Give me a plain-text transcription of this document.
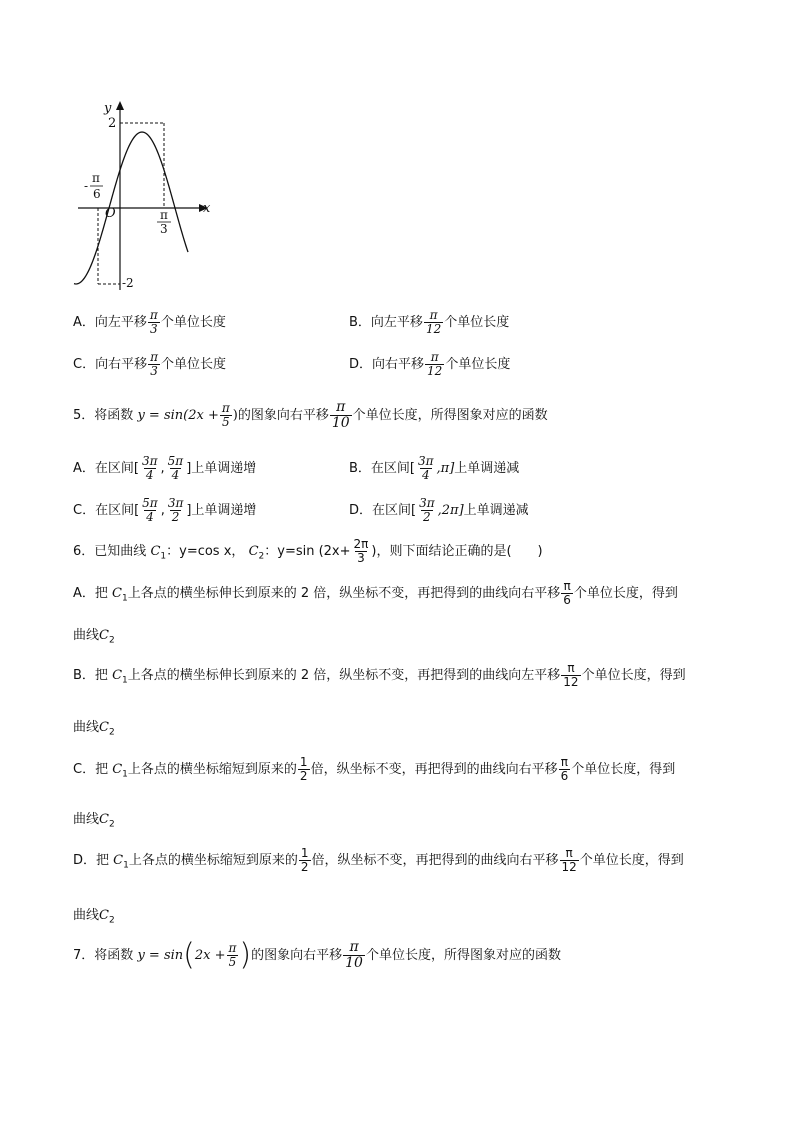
y
x
O
2
-2
-
π
6
π
3
A．向左平移 $\frac{\pi}{3}$ 个单位长度	B．向左平移 $\frac{\pi}{12}$ 个单位长度
C．向右平移 $\frac{\pi}{3}$ 个单位长度	D．向右平移 $\frac{\pi}{12}$ 个单位长度
5．将函数 $y = \sin(2x + \frac{\pi}{5}$ )的图象向右平移 $\frac{\pi}{10}$ 个单位长度，所得图象对应的函数
A．在区间[ $\frac{3\pi}{4}$ , $\frac{5\pi}{4}$ ]上单调递增	B．在区间[ $\frac{3\pi}{4} ,\pi$]上单调递减
C．在区间[ $\frac{5\pi}{4}$ , $\frac{3\pi}{2}$ ]上单调递增	D．在区间[ $\frac{3\pi}{2} ,2\pi$]上单调递减
6．已知曲线 $C_1$：y=cos x， $C_2$：y=sin ($2x+ \frac{2\pi}{3}$ )，则下面结论正确的是(　　)
A．把 $C_1$上各点的横坐标伸长到原来的 2 倍，纵坐标不变，再把得到的曲线向右平移 $\frac{\pi}{6}$ 个单位长度，得到
曲线$C_2$
B．把 $C_1$上各点的横坐标伸长到原来的 2 倍，纵坐标不变，再把得到的曲线向左平移 $\frac{\pi}{12}$ 个单位长度，得到
曲线$C_2$
C．把 $C_1$上各点的横坐标缩短到原来的 $\frac{1}{2}$ 倍，纵坐标不变，再把得到的曲线向右平移 $\frac{\pi}{6}$ 个单位长度，得到
曲线$C_2$
D．把 $C_1$上各点的横坐标缩短到原来的 $\frac{1}{2}$ 倍，纵坐标不变，再把得到的曲线向右平移 $\frac{\pi}{12}$ 个单位长度，得到
曲线$C_2$
7．将函数 $y = \sin(2x + \frac{\pi}{5}$ )的图象向右平移 $\frac{\pi}{10}$ 个单位长度，所得图象对应的函数
